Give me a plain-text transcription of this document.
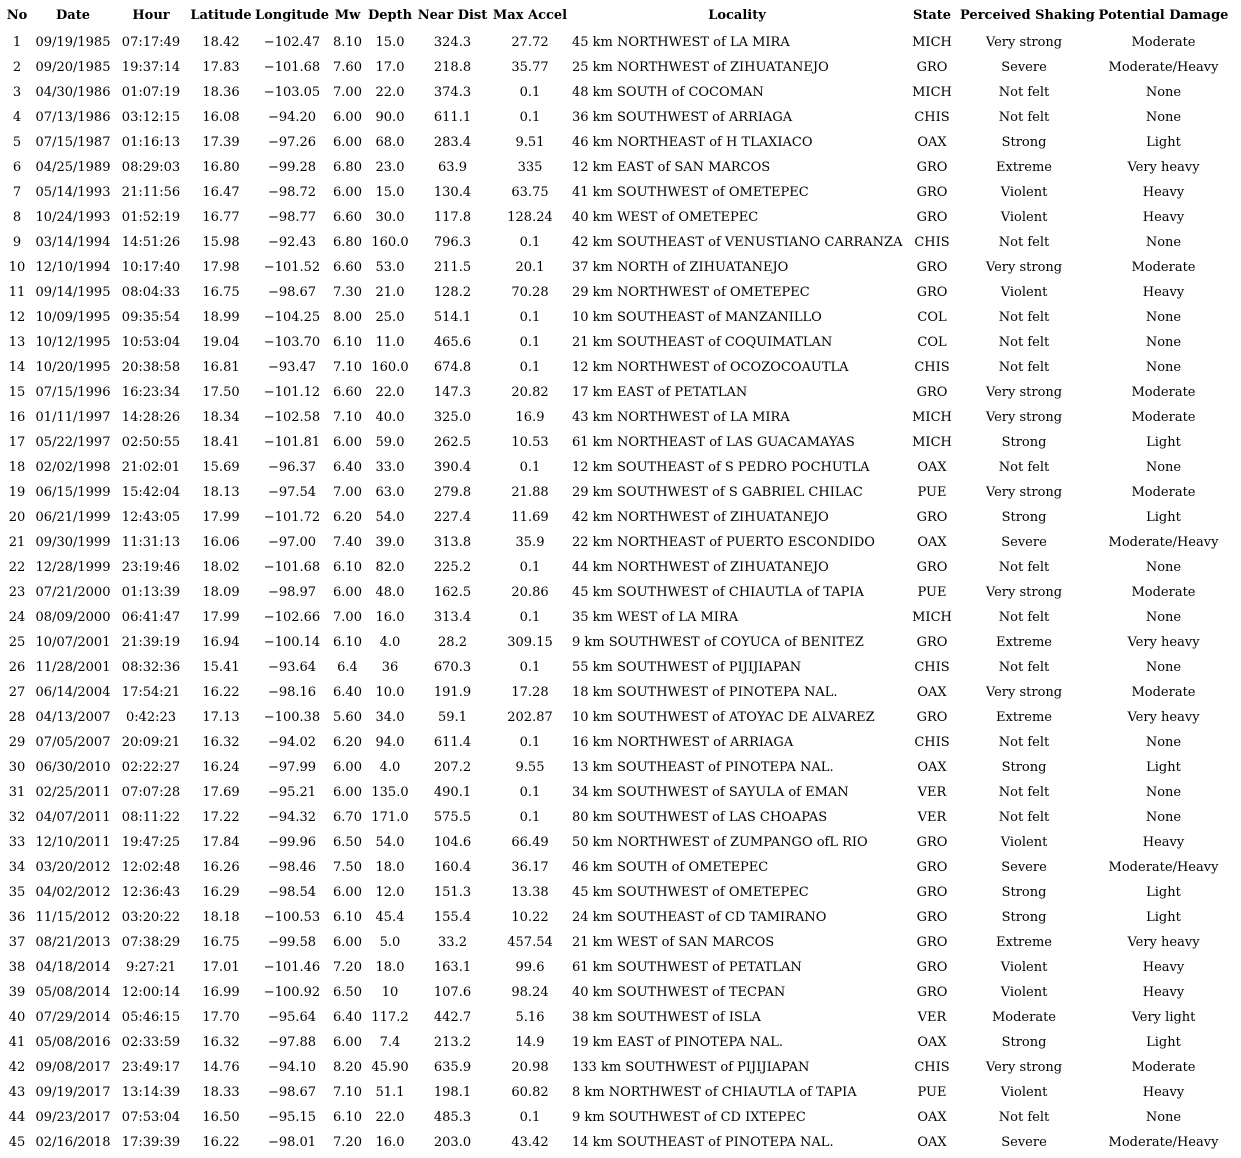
No	Date	Hour	Latitude	Longitude	Mw	Depth	Near Dist	Max Accel	Locality	State	Perceived Shaking	Potential Damage
1	09/19/1985	07:17:49	18.42	−102.47	8.10	15.0	324.3	27.72	45 km NORTHWEST of LA MIRA	MICH	Very strong	Moderate
2	09/20/1985	19:37:14	17.83	−101.68	7.60	17.0	218.8	35.77	25 km NORTHWEST of ZIHUATANEJO	GRO	Severe	Moderate/Heavy
3	04/30/1986	01:07:19	18.36	−103.05	7.00	22.0	374.3	0.1	48 km SOUTH of COCOMAN	MICH	Not felt	None
4	07/13/1986	03:12:15	16.08	−94.20	6.00	90.0	611.1	0.1	36 km SOUTHWEST of ARRIAGA	CHIS	Not felt	None
5	07/15/1987	01:16:13	17.39	−97.26	6.00	68.0	283.4	9.51	46 km NORTHEAST of H TLAXIACO	OAX	Strong	Light
6	04/25/1989	08:29:03	16.80	−99.28	6.80	23.0	63.9	335	12 km EAST of SAN MARCOS	GRO	Extreme	Very heavy
7	05/14/1993	21:11:56	16.47	−98.72	6.00	15.0	130.4	63.75	41 km SOUTHWEST of OMETEPEC	GRO	Violent	Heavy
8	10/24/1993	01:52:19	16.77	−98.77	6.60	30.0	117.8	128.24	40 km WEST of OMETEPEC	GRO	Violent	Heavy
9	03/14/1994	14:51:26	15.98	−92.43	6.80	160.0	796.3	0.1	42 km SOUTHEAST of VENUSTIANO CARRANZA	CHIS	Not felt	None
10	12/10/1994	10:17:40	17.98	−101.52	6.60	53.0	211.5	20.1	37 km NORTH of ZIHUATANEJO	GRO	Very strong	Moderate
11	09/14/1995	08:04:33	16.75	−98.67	7.30	21.0	128.2	70.28	29 km NORTHWEST of OMETEPEC	GRO	Violent	Heavy
12	10/09/1995	09:35:54	18.99	−104.25	8.00	25.0	514.1	0.1	10 km SOUTHEAST of MANZANILLO	COL	Not felt	None
13	10/12/1995	10:53:04	19.04	−103.70	6.10	11.0	465.6	0.1	21 km SOUTHEAST of COQUIMATLAN	COL	Not felt	None
14	10/20/1995	20:38:58	16.81	−93.47	7.10	160.0	674.8	0.1	12 km NORTHWEST of OCOZOCOAUTLA	CHIS	Not felt	None
15	07/15/1996	16:23:34	17.50	−101.12	6.60	22.0	147.3	20.82	17 km EAST of PETATLAN	GRO	Very strong	Moderate
16	01/11/1997	14:28:26	18.34	−102.58	7.10	40.0	325.0	16.9	43 km NORTHWEST of LA MIRA	MICH	Very strong	Moderate
17	05/22/1997	02:50:55	18.41	−101.81	6.00	59.0	262.5	10.53	61 km NORTHEAST of LAS GUACAMAYAS	MICH	Strong	Light
18	02/02/1998	21:02:01	15.69	−96.37	6.40	33.0	390.4	0.1	12 km SOUTHEAST of S PEDRO POCHUTLA	OAX	Not felt	None
19	06/15/1999	15:42:04	18.13	−97.54	7.00	63.0	279.8	21.88	29 km SOUTHWEST of S GABRIEL CHILAC	PUE	Very strong	Moderate
20	06/21/1999	12:43:05	17.99	−101.72	6.20	54.0	227.4	11.69	42 km NORTHWEST of ZIHUATANEJO	GRO	Strong	Light
21	09/30/1999	11:31:13	16.06	−97.00	7.40	39.0	313.8	35.9	22 km NORTHEAST of PUERTO ESCONDIDO	OAX	Severe	Moderate/Heavy
22	12/28/1999	23:19:46	18.02	−101.68	6.10	82.0	225.2	0.1	44 km NORTHWEST of ZIHUATANEJO	GRO	Not felt	None
23	07/21/2000	01:13:39	18.09	−98.97	6.00	48.0	162.5	20.86	45 km SOUTHWEST of CHIAUTLA of TAPIA	PUE	Very strong	Moderate
24	08/09/2000	06:41:47	17.99	−102.66	7.00	16.0	313.4	0.1	35 km WEST of LA MIRA	MICH	Not felt	None
25	10/07/2001	21:39:19	16.94	−100.14	6.10	4.0	28.2	309.15	9 km SOUTHWEST of COYUCA of BENITEZ	GRO	Extreme	Very heavy
26	11/28/2001	08:32:36	15.41	−93.64	6.4	36	670.3	0.1	55 km SOUTHWEST of PIJIJIAPAN	CHIS	Not felt	None
27	06/14/2004	17:54:21	16.22	−98.16	6.40	10.0	191.9	17.28	18 km SOUTHWEST of PINOTEPA NAL.	OAX	Very strong	Moderate
28	04/13/2007	0:42:23	17.13	−100.38	5.60	34.0	59.1	202.87	10 km SOUTHWEST of ATOYAC DE ALVAREZ	GRO	Extreme	Very heavy
29	07/05/2007	20:09:21	16.32	−94.02	6.20	94.0	611.4	0.1	16 km NORTHWEST of ARRIAGA	CHIS	Not felt	None
30	06/30/2010	02:22:27	16.24	−97.99	6.00	4.0	207.2	9.55	13 km SOUTHEAST of PINOTEPA NAL.	OAX	Strong	Light
31	02/25/2011	07:07:28	17.69	−95.21	6.00	135.0	490.1	0.1	34 km SOUTHWEST of SAYULA of EMAN	VER	Not felt	None
32	04/07/2011	08:11:22	17.22	−94.32	6.70	171.0	575.5	0.1	80 km SOUTHWEST of LAS CHOAPAS	VER	Not felt	None
33	12/10/2011	19:47:25	17.84	−99.96	6.50	54.0	104.6	66.49	50 km NORTHWEST of ZUMPANGO ofL RIO	GRO	Violent	Heavy
34	03/20/2012	12:02:48	16.26	−98.46	7.50	18.0	160.4	36.17	46 km SOUTH of OMETEPEC	GRO	Severe	Moderate/Heavy
35	04/02/2012	12:36:43	16.29	−98.54	6.00	12.0	151.3	13.38	45 km SOUTHWEST of OMETEPEC	GRO	Strong	Light
36	11/15/2012	03:20:22	18.18	−100.53	6.10	45.4	155.4	10.22	24 km SOUTHEAST of CD TAMIRANO	GRO	Strong	Light
37	08/21/2013	07:38:29	16.75	−99.58	6.00	5.0	33.2	457.54	21 km WEST of SAN MARCOS	GRO	Extreme	Very heavy
38	04/18/2014	9:27:21	17.01	−101.46	7.20	18.0	163.1	99.6	61 km SOUTHWEST of PETATLAN	GRO	Violent	Heavy
39	05/08/2014	12:00:14	16.99	−100.92	6.50	10	107.6	98.24	40 km SOUTHWEST of TECPAN	GRO	Violent	Heavy
40	07/29/2014	05:46:15	17.70	−95.64	6.40	117.2	442.7	5.16	38 km SOUTHWEST of ISLA	VER	Moderate	Very light
41	05/08/2016	02:33:59	16.32	−97.88	6.00	7.4	213.2	14.9	19 km EAST of PINOTEPA NAL.	OAX	Strong	Light
42	09/08/2017	23:49:17	14.76	−94.10	8.20	45.90	635.9	20.98	133 km SOUTHWEST of PIJIJIAPAN	CHIS	Very strong	Moderate
43	09/19/2017	13:14:39	18.33	−98.67	7.10	51.1	198.1	60.82	8 km NORTHWEST of CHIAUTLA of TAPIA	PUE	Violent	Heavy
44	09/23/2017	07:53:04	16.50	−95.15	6.10	22.0	485.3	0.1	9 km SOUTHWEST of CD IXTEPEC	OAX	Not felt	None
45	02/16/2018	17:39:39	16.22	−98.01	7.20	16.0	203.0	43.42	14 km SOUTHEAST of PINOTEPA NAL.	OAX	Severe	Moderate/Heavy
